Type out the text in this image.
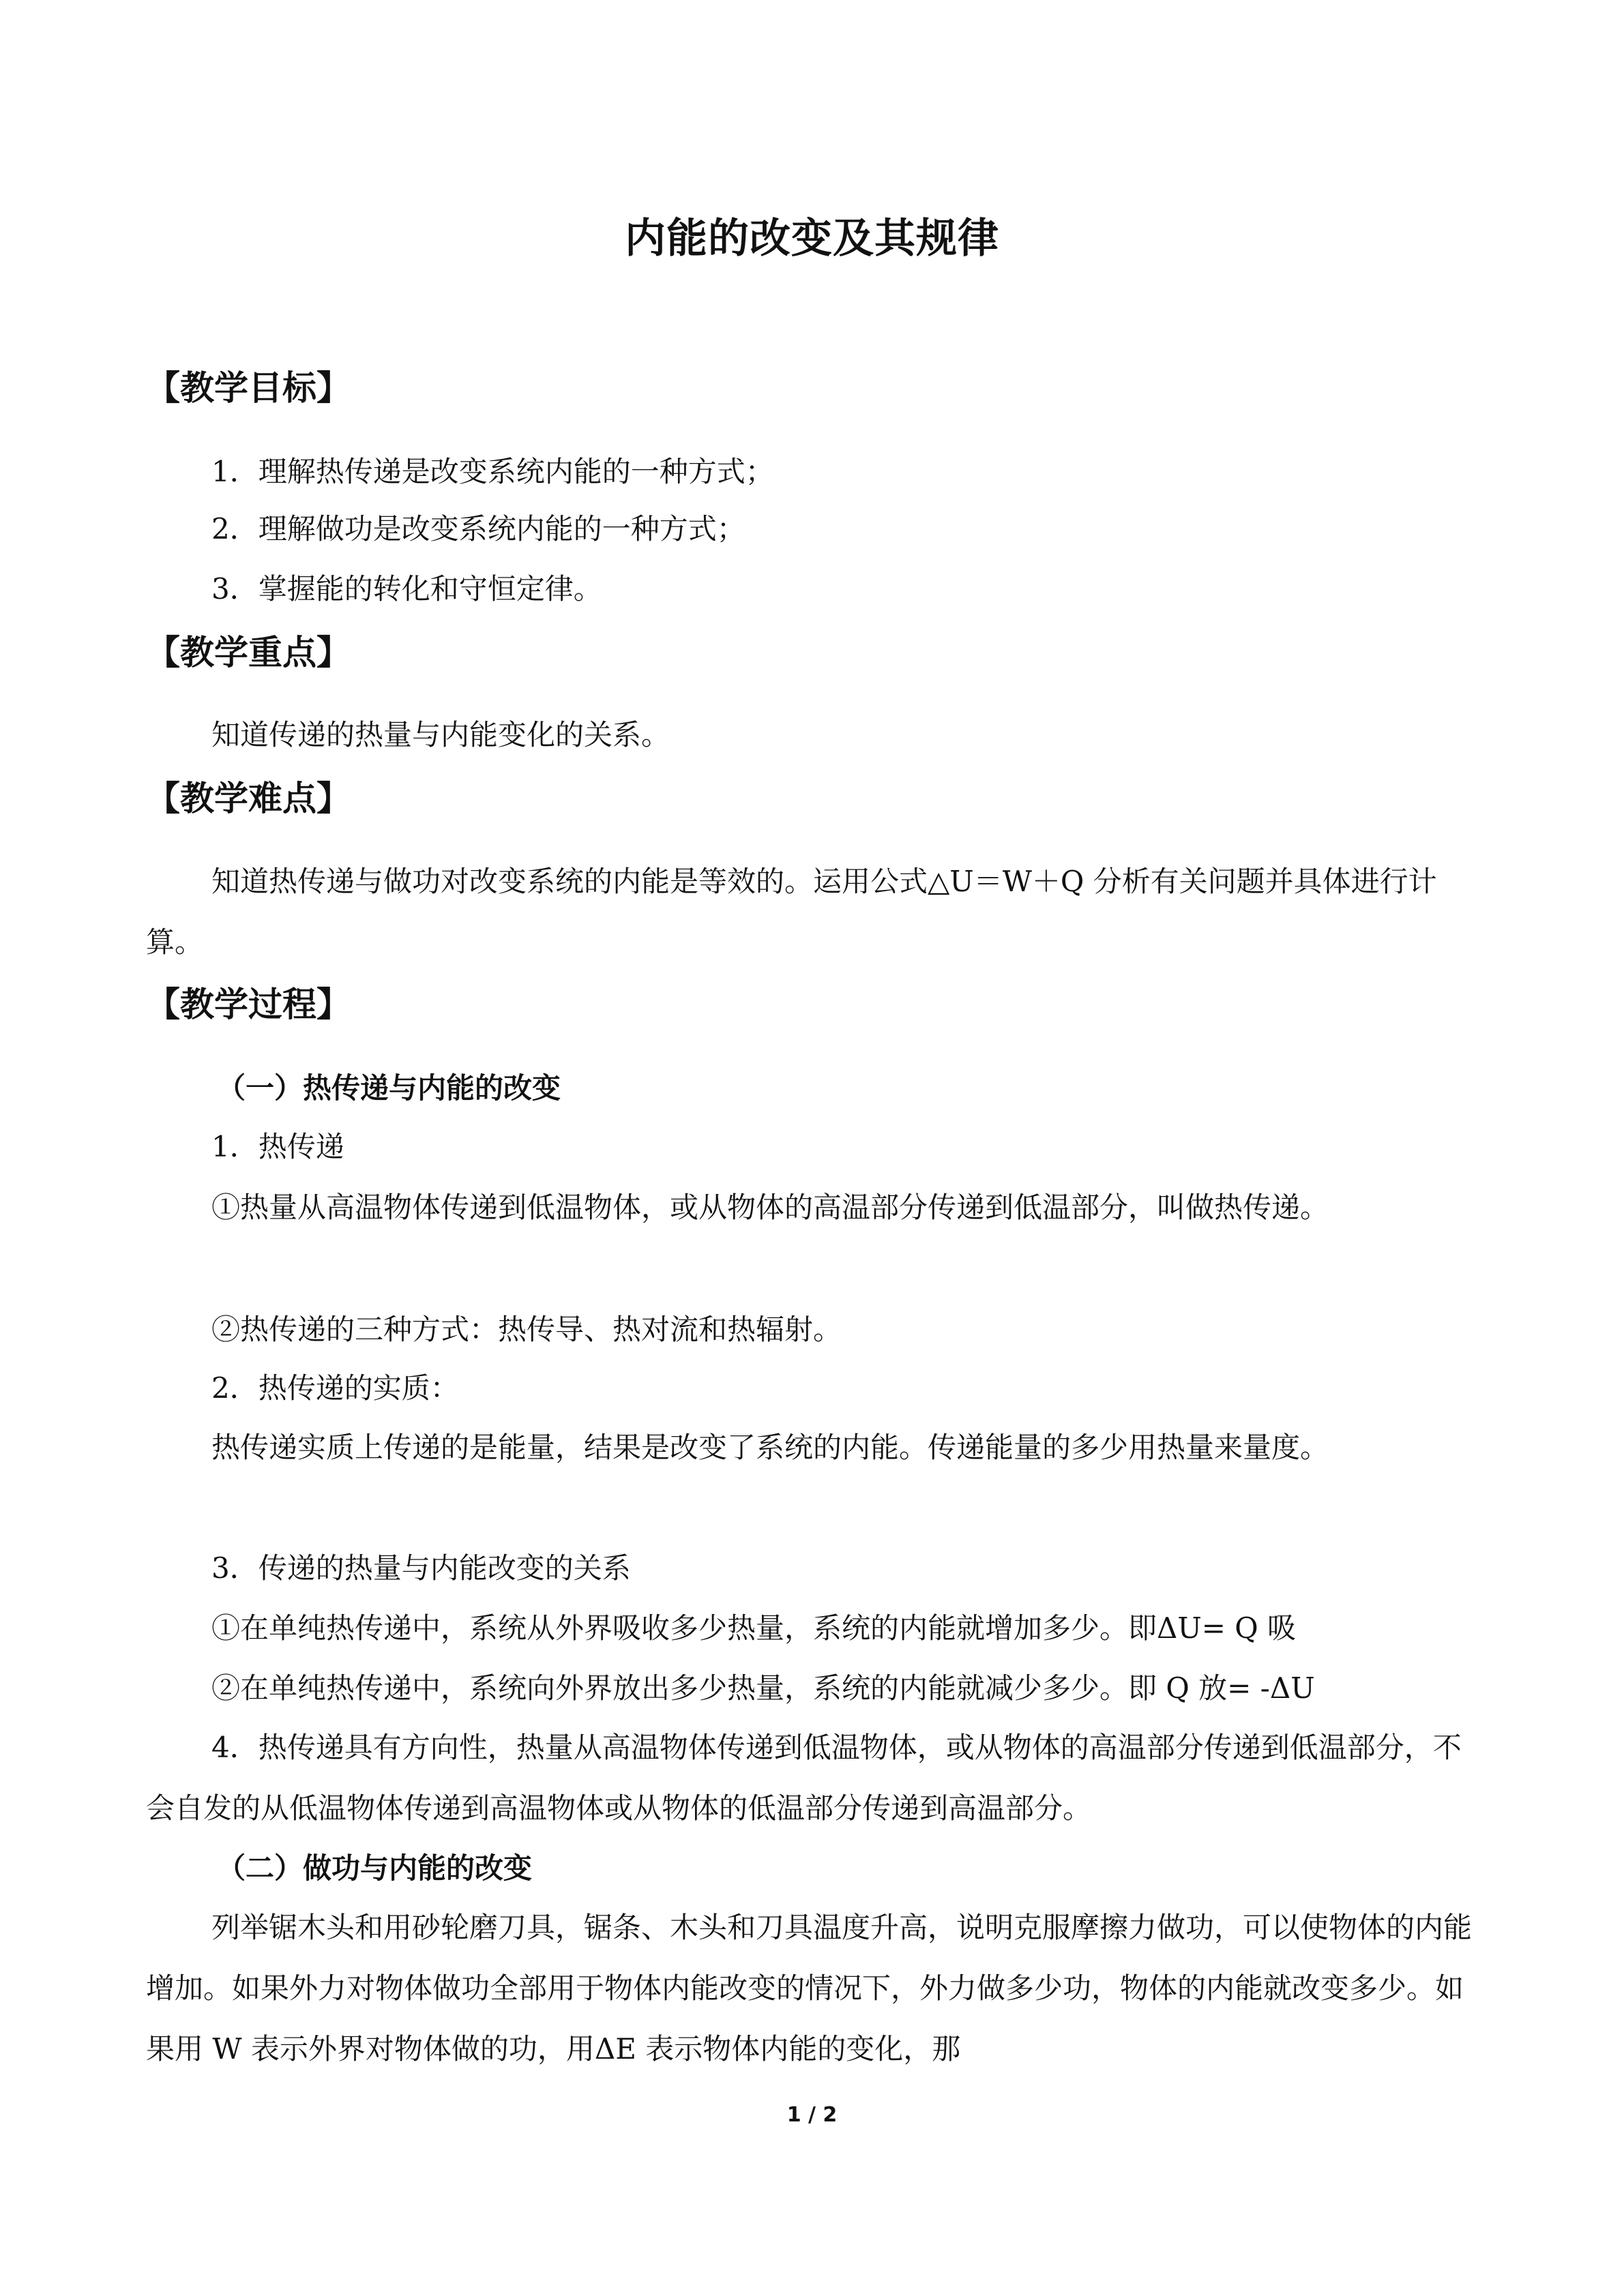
内能的改变及其规律
【教学目标】
1．理解热传递是改变系统内能的一种方式；
2．理解做功是改变系统内能的一种方式；
3．掌握能的转化和守恒定律。
【教学重点】
知道传递的热量与内能变化的关系。
【教学难点】
知道热传递与做功对改变系统的内能是等效的。运用公式△U＝W＋Q 分析有关问题并具体进行计算。
【教学过程】
（一）热传递与内能的改变
1．热传递
①热量从高温物体传递到低温物体，或从物体的高温部分传递到低温部分，叫做热传递。
②热传递的三种方式：热传导、热对流和热辐射。
2．热传递的实质：
热传递实质上传递的是能量，结果是改变了系统的内能。传递能量的多少用热量来量度。
3．传递的热量与内能改变的关系
①在单纯热传递中，系统从外界吸收多少热量，系统的内能就增加多少。即ΔU= Q 吸
②在单纯热传递中，系统向外界放出多少热量，系统的内能就减少多少。即 Q 放= -ΔU
4．热传递具有方向性，热量从高温物体传递到低温物体，或从物体的高温部分传递到低温部分，不会自发的从低温物体传递到高温物体或从物体的低温部分传递到高温部分。
（二）做功与内能的改变
列举锯木头和用砂轮磨刀具，锯条、木头和刀具温度升高，说明克服摩擦力做功，可以使物体的内能增加。如果外力对物体做功全部用于物体内能改变的情况下，外力做多少功，物体的内能就改变多少。如果用 W 表示外界对物体做的功，用ΔE 表示物体内能的变化，那
1 / 2
